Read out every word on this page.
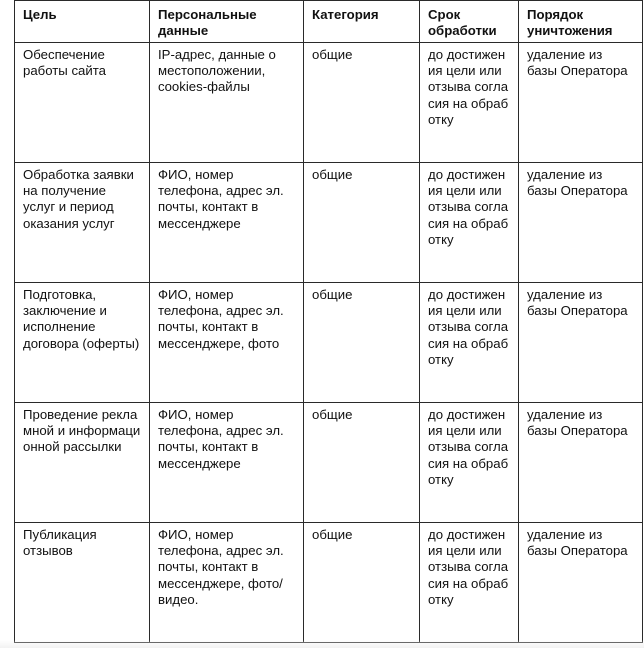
Цель	Персональные данные	Категория	Срок обработки	Порядок уничтожения
Обеспечение работы сайта	IP-адрес, данные о местоположении, cookies-файлы	общие	до достижения цели или отзыва согласия на обработку	удаление из базы Оператора
Обработка заявки на получение услуг и период оказания услуг	ФИО, номер телефона, адрес эл. почты, контакт в мессенджере	общие	до достижения цели или отзыва согласия на обработку	удаление из базы Оператора
Подготовка, заключение и исполнение договора (оферты)	ФИО, номер телефона, адрес эл. почты, контакт в мессенджере, фото	общие	до достижения цели или отзыва согласия на обработку	удаление из базы Оператора
Проведение рекламной и информационной рассылки	ФИО, номер телефона, адрес эл. почты, контакт в мессенджере	общие	до достижения цели или отзыва согласия на обработку	удаление из базы Оператора
Публикация отзывов	ФИО, номер телефона, адрес эл. почты, контакт в мессенджере, фото/видео.	общие	до достижения цели или отзыва согласия на обработку	удаление из базы Оператора
